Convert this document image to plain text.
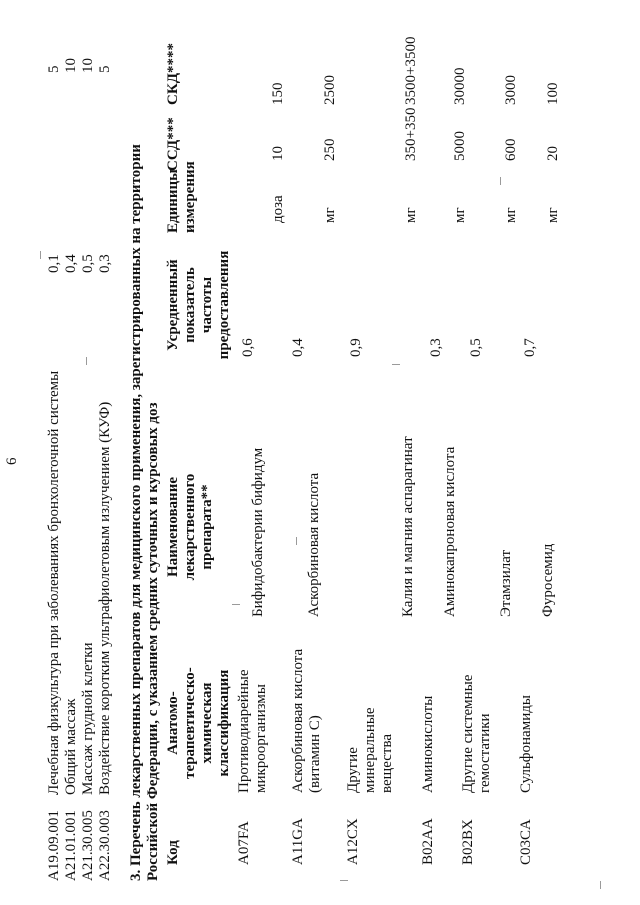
6
A19.09.001
Лечебная физкультура при заболеваниях бронхолегочной системы
0,1
5
A21.01.001
Общий массаж
0,4
10
A21.30.005
Массаж грудной клетки
0,5
10
A22.30.003
Воздействие коротким ультрафиолетовым излучением (КУФ)
0,3
5
3. Перечень лекарственных препаратов для медицинского применения, зарегистрированных на территории Российской Федерации, с указанием средних суточных и курсовых доз Код
Анатомо-терапевтическо-химическая классификация
Наименование лекарственного препарата**
Усредненный показатель частоты предоставления
Единицы измерения
ССД***
СКД****
A07FA
Противодиарейные микроорганизмы
Бифидобактерии бифидум
0,6
доза
10
150
A11GA
Аскорбиновая кислота (витамин С)
Аскорбиновая кислота
0,4
мг
250
2500
A12CX
Другие минеральные вещества
Калия и магния аспарагинат
0,9
мг
350+350
3500+3500
B02AA
Аминокислоты
Аминокапроновая кислота
0,3
мг
5000
30000
B02BX
Другие системные гемостатики
Этамзилат
0,5
мг
600
3000
C03CA
Сульфонамиды
Фуросемид
0,7
мг
20
100
